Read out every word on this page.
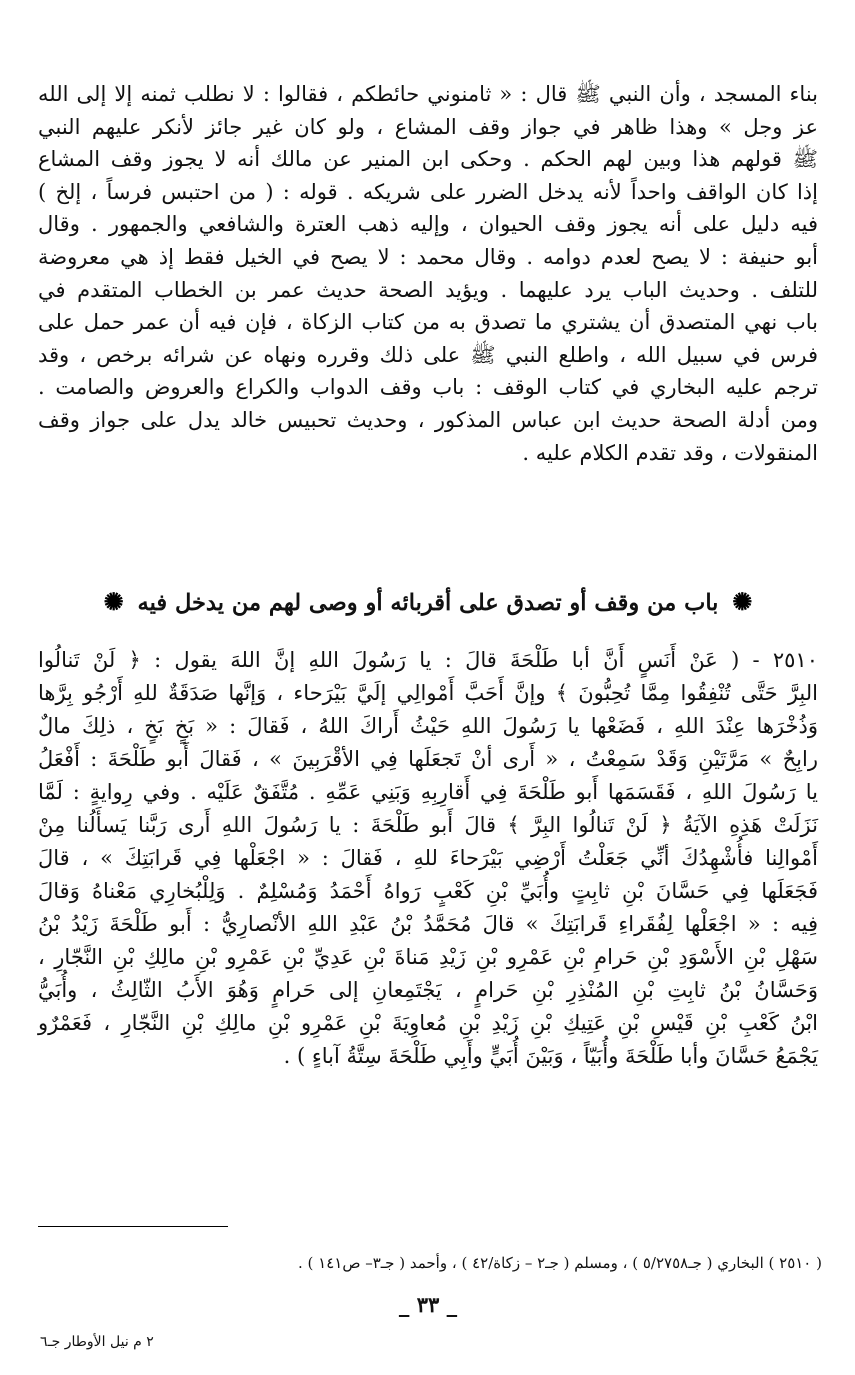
بناء المسجد ، وأن النبي ﷺ قال : « ثامنوني حائطكم ، فقالوا : لا نطلب ثمنه إلا إلى الله
عز وجل » وهذا ظاهر في جواز وقف المشاع ، ولو كان غير جائز لأنكر عليهم النبي
ﷺ قولهم هذا وبين لهم الحكم . وحكى ابن المنير عن مالك أنه لا يجوز وقف المشاع
إذا كان الواقف واحداً لأنه يدخل الضرر على شريكه . قوله : ( من احتبس فرساً ، إلخ )
فيه دليل على أنه يجوز وقف الحيوان ، وإليه ذهب العترة والشافعي والجمهور . وقال
أبو حنيفة : لا يصح لعدم دوامه . وقال محمد : لا يصح في الخيل فقط إذ هي معروضة
للتلف . وحديث الباب يرد عليهما . ويؤيد الصحة حديث عمر بن الخطاب المتقدم في
باب نهي المتصدق أن يشتري ما تصدق به من كتاب الزكاة ، فإن فيه أن عمر حمل على
فرس في سبيل الله ، واطلع النبي ﷺ على ذلك وقرره ونهاه عن شرائه برخص ، وقد
ترجم عليه البخاري في كتاب الوقف : باب وقف الدواب والكراع والعروض والصامت .
ومن أدلة الصحة حديث ابن عباس المذكور ، وحديث تحبيس خالد يدل على جواز وقف
المنقولات ، وقد تقدم الكلام عليه .
✺ باب من وقف أو تصدق على أقربائه أو وصى لهم من يدخل فيه ✺
٢٥١٠ - ( عَنْ أَنَسٍ أَنَّ أبا طَلْحَةَ قالَ : يا رَسُولَ اللهِ إنَّ اللهَ يقول : ﴿ لَنْ تَنالُوا
البِرَّ حَتَّى تُنْفِقُوا مِمَّا تُحِبُّونَ ﴾ وإنَّ أَحَبَّ أَمْوالِي إلَيَّ بَيْرَحاء ، وَإنَّها صَدَقَةٌ للهِ أَرْجُو بِرَّها
وَذُخْرَها عِنْدَ اللهِ ، فَضَعْها يا رَسُولَ اللهِ حَيْثُ أَراكَ اللهُ ، فَقالَ : « بَخٍ بَخٍ ، ذلِكَ مالٌ
رابِحٌ » مَرَّتَيْنِ وَقَدْ سَمِعْتُ ، « أَرى أنْ تَجعَلَها فِي الأقْرَبِينَ » ، فَقالَ أَبو طَلْحَةَ : أَفْعَلُ
يا رَسُولَ اللهِ ، فَقَسَمَها أَبو طَلْحَةَ فِي أَقارِبِهِ وَبَنِي عَمِّهِ . مُتَّفَقٌ عَلَيْه . وفي رِوايةٍ : لَمَّا
نَزَلَتْ هَذِهِ الآيَةُ ﴿ لَنْ تَنالُوا البِرَّ ﴾ قالَ أَبو طَلْحَةَ : يا رَسُولَ اللهِ أَرى رَبَّنا يَسأَلُنا مِنْ
أَمْوالِنا فأُشْهِدُكَ أنِّي جَعَلْتُ أَرْضِي بَيْرَحاءَ للهِ ، فَقالَ : « اجْعَلْها فِي قَرابَتِكَ » ، قالَ
فَجَعَلَها فِي حَسَّانَ بْنِ ثابِتٍ وأُبَيِّ بْنِ كَعْبٍ رَواهُ أَحْمَدُ وَمُسْلِمٌ . وَلِلْبُخارِي مَعْناهُ وَقالَ
فِيه : « اجْعَلْها لِفُقَراءِ قَرابَتِكَ » قالَ مُحَمَّدُ بْنُ عَبْدِ اللهِ الأنْصارِيُّ : أَبو طَلْحَةَ زَيْدُ بْنُ
سَهْلِ بْنِ الأَسْوَدِ بْنِ حَرامِ بْنِ عَمْرِو بْنِ زَيْدِ مَناةَ بْنِ عَدِيِّ بْنِ عَمْرِو بْنِ مالِكِ بْنِ النَّجّارِ ،
وَحَسَّانُ بْنُ ثابِتِ بْنِ المُنْذِرِ بْنِ حَرامٍ ، يَجْتَمِعانِ إلى حَرامٍ وَهُوَ الأَبُ الثّالِثُ ، وأُبَيُّ
ابْنُ كَعْبِ بْنِ قَيْسِ بْنِ عَتِيكِ بْنِ زَيْدِ بْنِ مُعاوِيَةَ بْنِ عَمْرِو بْنِ مالِكِ بْنِ النَّجّارِ ، فَعَمْرٌو
يَجْمَعُ حَسَّانَ وأبا طَلْحَةَ وأُبَيّاً ، وَبَيْنَ أُبَيٍّ وأَبِي طَلْحَةَ سِتَّةُ آباءٍ ) .
( ٢٥١٠ ) البخاري ( جـ٥/٢٧٥٨ ) ، ومسلم ( جـ٢ – زكاة/٤٢ ) ، وأحمد ( جـ٣– ص١٤١ ) .
_ ٣٣ _
٢ م نيل الأوطار جـ٦
